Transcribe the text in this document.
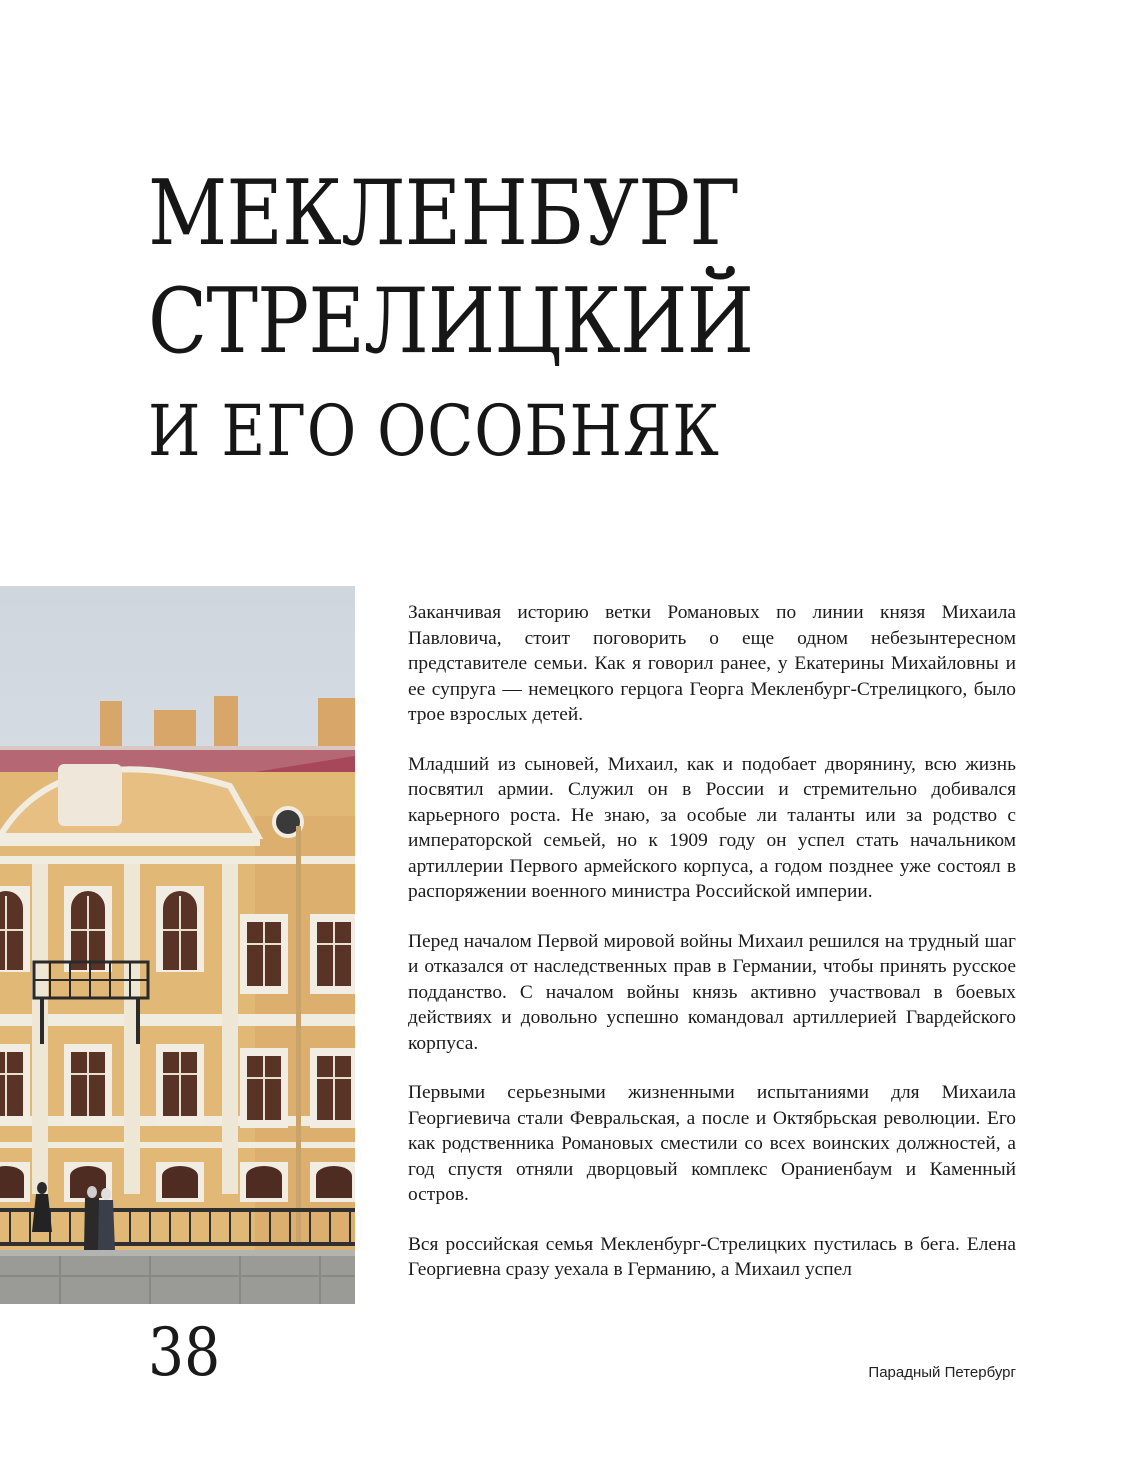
МЕКЛЕНБУРГ
СТРЕЛИЦКИЙ
И ЕГО ОСОБНЯК

Заканчивая историю ветки Романовых по линии князя Михаила Павловича, стоит поговорить о еще одном небезынтересном представителе семьи. Как я говорил ранее, у Екатерины Михайловны и ее супруга — немецкого герцога Георга Мекленбург-Стрелицкого, было трое взрослых детей.

Младший из сыновей, Михаил, как и подобает дворянину, всю жизнь посвятил армии. Служил он в России и стремительно добивался карьерного роста. Не знаю, за особые ли таланты или за родство с императорской семьей, но к 1909 году он успел стать начальником артиллерии Первого армейского корпуса, а годом позднее уже состоял в распоряжении военного министра Российской империи.

Перед началом Первой мировой войны Михаил решился на трудный шаг и отказался от наследственных прав в Германии, чтобы принять русское подданство. С началом войны князь активно участвовал в боевых действиях и довольно успешно командовал артиллерией Гвардейского корпуса.

Первыми серьезными жизненными испытаниями для Михаила Георгиевича стали Февральская, а после и Октябрьская революции. Его как родственника Романовых сместили со всех воинских должностей, а год спустя отняли дворцовый комплекс Ораниенбаум и Каменный остров.

Вся российская семья Мекленбург-Стрелицких пустилась в бега. Елена Георгиевна сразу уехала в Германию, а Михаил успел

38	Парадный Петербург
